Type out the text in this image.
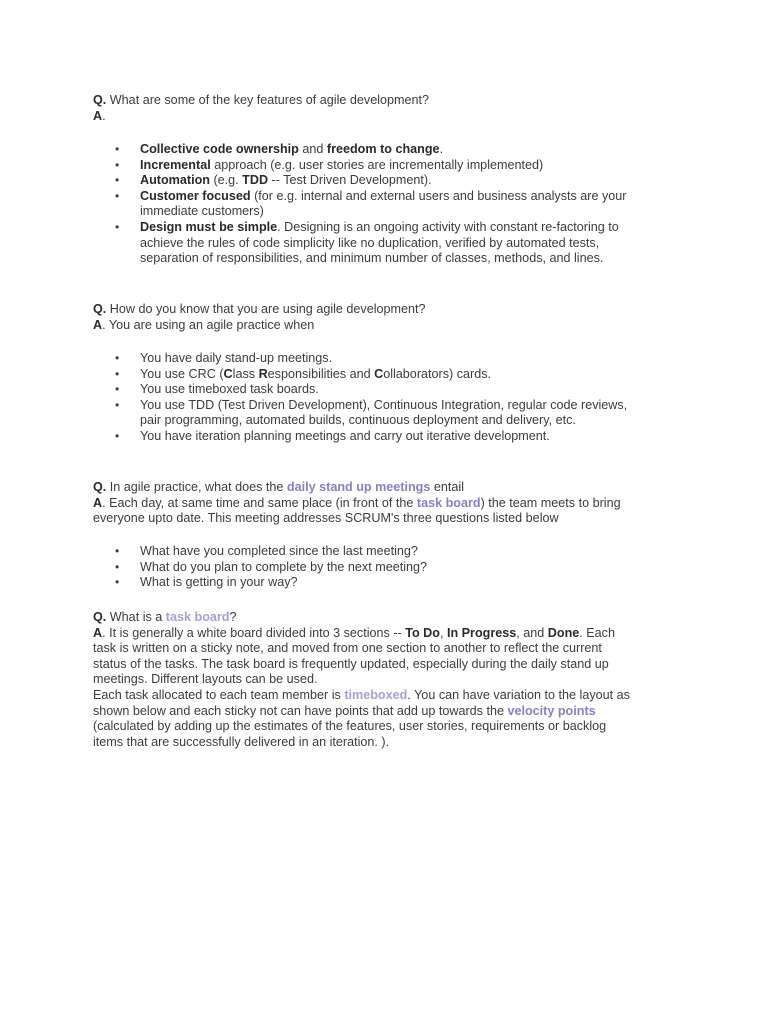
Q. What are some of the key features of agile development?
A.
• Collective code ownership and freedom to change.
• Incremental approach (e.g. user stories are incrementally implemented)
• Automation (e.g. TDD -- Test Driven Development).
• Customer focused (for e.g. internal and external users and business analysts are your
immediate customers)
• Design must be simple. Designing is an ongoing activity with constant re-factoring to
achieve the rules of code simplicity like no duplication, verified by automated tests,
separation of responsibilities, and minimum number of classes, methods, and lines.
Q. How do you know that you are using agile development?
A. You are using an agile practice when
• You have daily stand-up meetings.
• You use CRC (Class Responsibilities and Collaborators) cards.
• You use timeboxed task boards.
• You use TDD (Test Driven Development), Continuous Integration, regular code reviews,
pair programming, automated builds, continuous deployment and delivery, etc.
• You have iteration planning meetings and carry out iterative development.
Q. In agile practice, what does the daily stand up meetings entail
A. Each day, at same time and same place (in front of the task board) the team meets to bring
everyone upto date. This meeting addresses SCRUM's three questions listed below
• What have you completed since the last meeting?
• What do you plan to complete by the next meeting?
• What is getting in your way?
Q. What is a task board?
A. It is generally a white board divided into 3 sections -- To Do, In Progress, and Done. Each
task is written on a sticky note, and moved from one section to another to reflect the current
status of the tasks. The task board is frequently updated, especially during the daily stand up
meetings. Different layouts can be used.
Each task allocated to each team member is timeboxed. You can have variation to the layout as
shown below and each sticky not can have points that add up towards the velocity points
(calculated by adding up the estimates of the features, user stories, requirements or backlog
items that are successfully delivered in an iteration. ).
